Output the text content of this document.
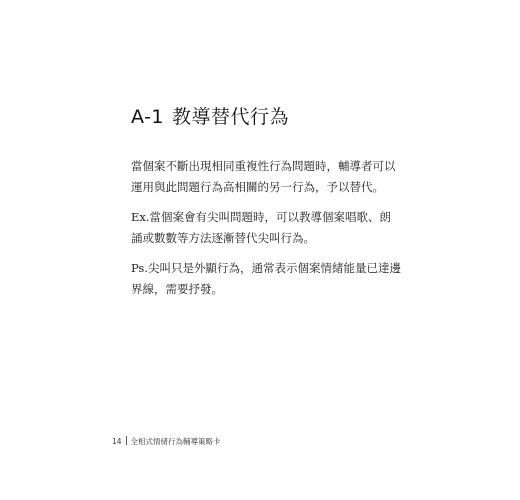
A-1 教導替代行為
當個案不斷出現相同重複性行為問題時，輔導者可以運用與此問題行為高相關的另一行為，予以替代。
Ex.當個案會有尖叫問題時，可以教導個案唱歌、朗誦或數數等方法逐漸替代尖叫行為。
Ps.尖叫只是外顯行為，通常表示個案情緒能量已達邊界線，需要抒發。
14 全相式情緒行為輔導策略卡
